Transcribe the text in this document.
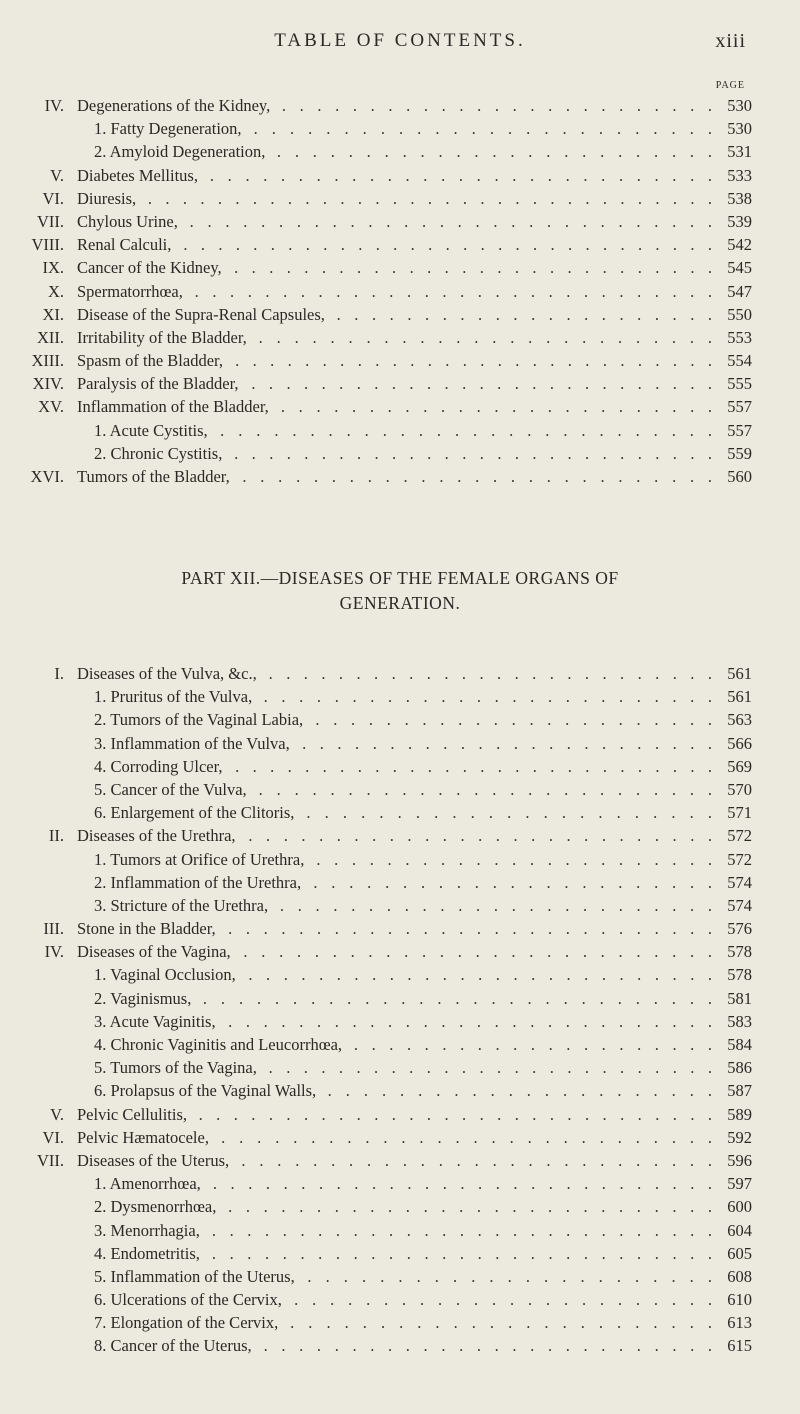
TABLE OF CONTENTS.	xiii
PAGE
IV. Degenerations of the Kidney, . . . . . . . . . . . . . . . . . . . . . . . . . 530
1. Fatty Degeneration, . . . . . . . . . . . . . . . . . . . . . . . . . . 530
2. Amyloid Degeneration, . . . . . . . . . . . . . . . . . . . . . . . . . 531
V. Diabetes Mellitus, . . . . . . . . . . . . . . . . . . . . . . . . . . . . . 533
VI. Diuresis, . . . . . . . . . . . . . . . . . . . . . . . . . . . . . . . . . 538
VII. Chylous Urine, . . . . . . . . . . . . . . . . . . . . . . . . . . . . . . 539
VIII. Renal Calculi, . . . . . . . . . . . . . . . . . . . . . . . . . . . . . . . 542
IX. Cancer of the Kidney, . . . . . . . . . . . . . . . . . . . . . . . . . . . . 545
X. Spermatorrhœa, . . . . . . . . . . . . . . . . . . . . . . . . . . . . . . 547
XI. Disease of the Supra-Renal Capsules, . . . . . . . . . . . . . . . . . . . . . . 550
XII. Irritability of the Bladder, . . . . . . . . . . . . . . . . . . . . . . . . . . 553
XIII. Spasm of the Bladder, . . . . . . . . . . . . . . . . . . . . . . . . . . . . 554
XIV. Paralysis of the Bladder, . . . . . . . . . . . . . . . . . . . . . . . . . . . 555
XV. Inflammation of the Bladder, . . . . . . . . . . . . . . . . . . . . . . . . . 557
1. Acute Cystitis, . . . . . . . . . . . . . . . . . . . . . . . . . . . . 557
2. Chronic Cystitis, . . . . . . . . . . . . . . . . . . . . . . . . . . . . 559
XVI. Tumors of the Bladder, . . . . . . . . . . . . . . . . . . . . . . . . . . . 560
PART XII.—DISEASES OF THE FEMALE ORGANS OF
GENERATION.
I. Diseases of the Vulva, &c., . . . . . . . . . . . . . . . . . . . . . . . . . . 561
1. Pruritus of the Vulva, . . . . . . . . . . . . . . . . . . . . . . . . . . 561
2. Tumors of the Vaginal Labia, . . . . . . . . . . . . . . . . . . . . . . . 563
3. Inflammation of the Vulva, . . . . . . . . . . . . . . . . . . . . . . . . 566
4. Corroding Ulcer, . . . . . . . . . . . . . . . . . . . . . . . . . . . . 569
5. Cancer of the Vulva, . . . . . . . . . . . . . . . . . . . . . . . . . . 570
6. Enlargement of the Clitoris, . . . . . . . . . . . . . . . . . . . . . . . 571
II. Diseases of the Urethra, . . . . . . . . . . . . . . . . . . . . . . . . . . . 572
1. Tumors at Orifice of Urethra, . . . . . . . . . . . . . . . . . . . . . . . 572
2. Inflammation of the Urethra, . . . . . . . . . . . . . . . . . . . . . . . 574
3. Stricture of the Urethra, . . . . . . . . . . . . . . . . . . . . . . . . . 574
III. Stone in the Bladder, . . . . . . . . . . . . . . . . . . . . . . . . . . . . 576
IV. Diseases of the Vagina, . . . . . . . . . . . . . . . . . . . . . . . . . . . 578
1. Vaginal Occlusion, . . . . . . . . . . . . . . . . . . . . . . . . . . . 578
2. Vaginismus, . . . . . . . . . . . . . . . . . . . . . . . . . . . . . 581
3. Acute Vaginitis, . . . . . . . . . . . . . . . . . . . . . . . . . . . . 583
4. Chronic Vaginitis and Leucorrhœa, . . . . . . . . . . . . . . . . . . . . . 584
5. Tumors of the Vagina, . . . . . . . . . . . . . . . . . . . . . . . . . . 586
6. Prolapsus of the Vaginal Walls, . . . . . . . . . . . . . . . . . . . . . . 587
V. Pelvic Cellulitis, . . . . . . . . . . . . . . . . . . . . . . . . . . . . . . 589
VI. Pelvic Hæmatocele, . . . . . . . . . . . . . . . . . . . . . . . . . . . . 592
VII. Diseases of the Uterus, . . . . . . . . . . . . . . . . . . . . . . . . . . . 596
1. Amenorrhœa, . . . . . . . . . . . . . . . . . . . . . . . . . . . . . 597
2. Dysmenorrhœa, . . . . . . . . . . . . . . . . . . . . . . . . . . . . 600
3. Menorrhagia, . . . . . . . . . . . . . . . . . . . . . . . . . . . . . 604
4. Endometritis, . . . . . . . . . . . . . . . . . . . . . . . . . . . . . 605
5. Inflammation of the Uterus, . . . . . . . . . . . . . . . . . . . . . . . 608
6. Ulcerations of the Cervix, . . . . . . . . . . . . . . . . . . . . . . . . 610
7. Elongation of the Cervix, . . . . . . . . . . . . . . . . . . . . . . . . 613
8. Cancer of the Uterus, . . . . . . . . . . . . . . . . . . . . . . . . . . 615
